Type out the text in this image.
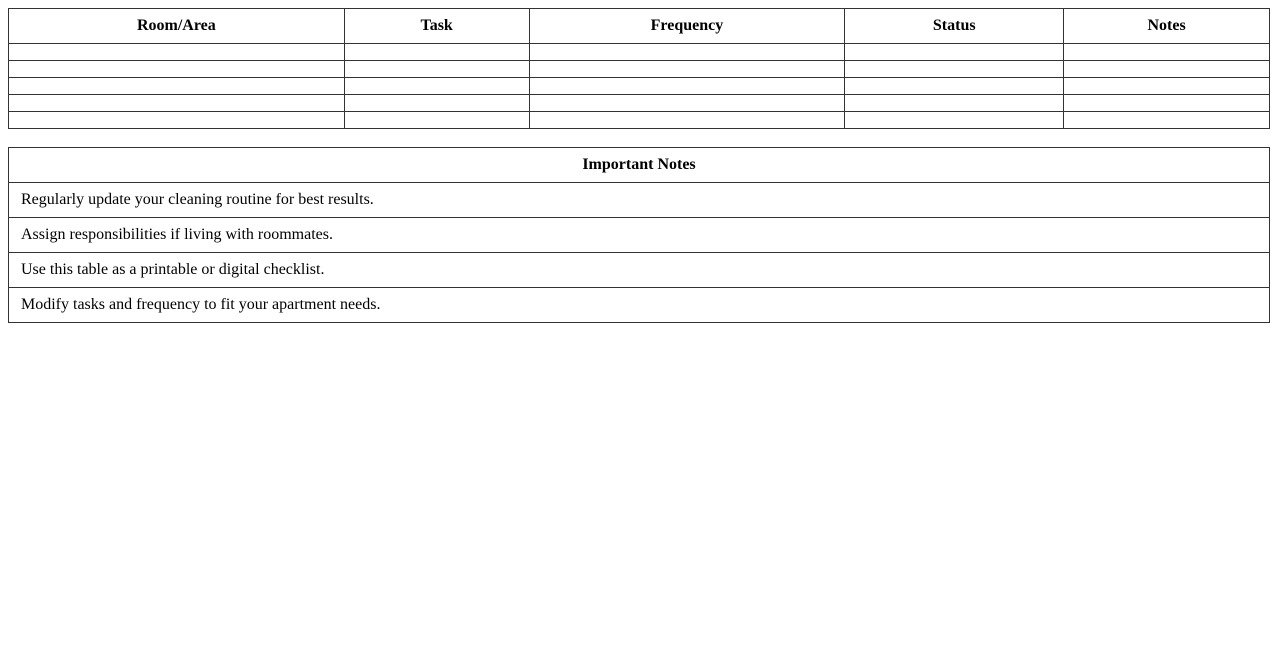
Room/Area	Task	Frequency	Status	Notes

Important Notes
Regularly update your cleaning routine for best results.
Assign responsibilities if living with roommates.
Use this table as a printable or digital checklist.
Modify tasks and frequency to fit your apartment needs.
